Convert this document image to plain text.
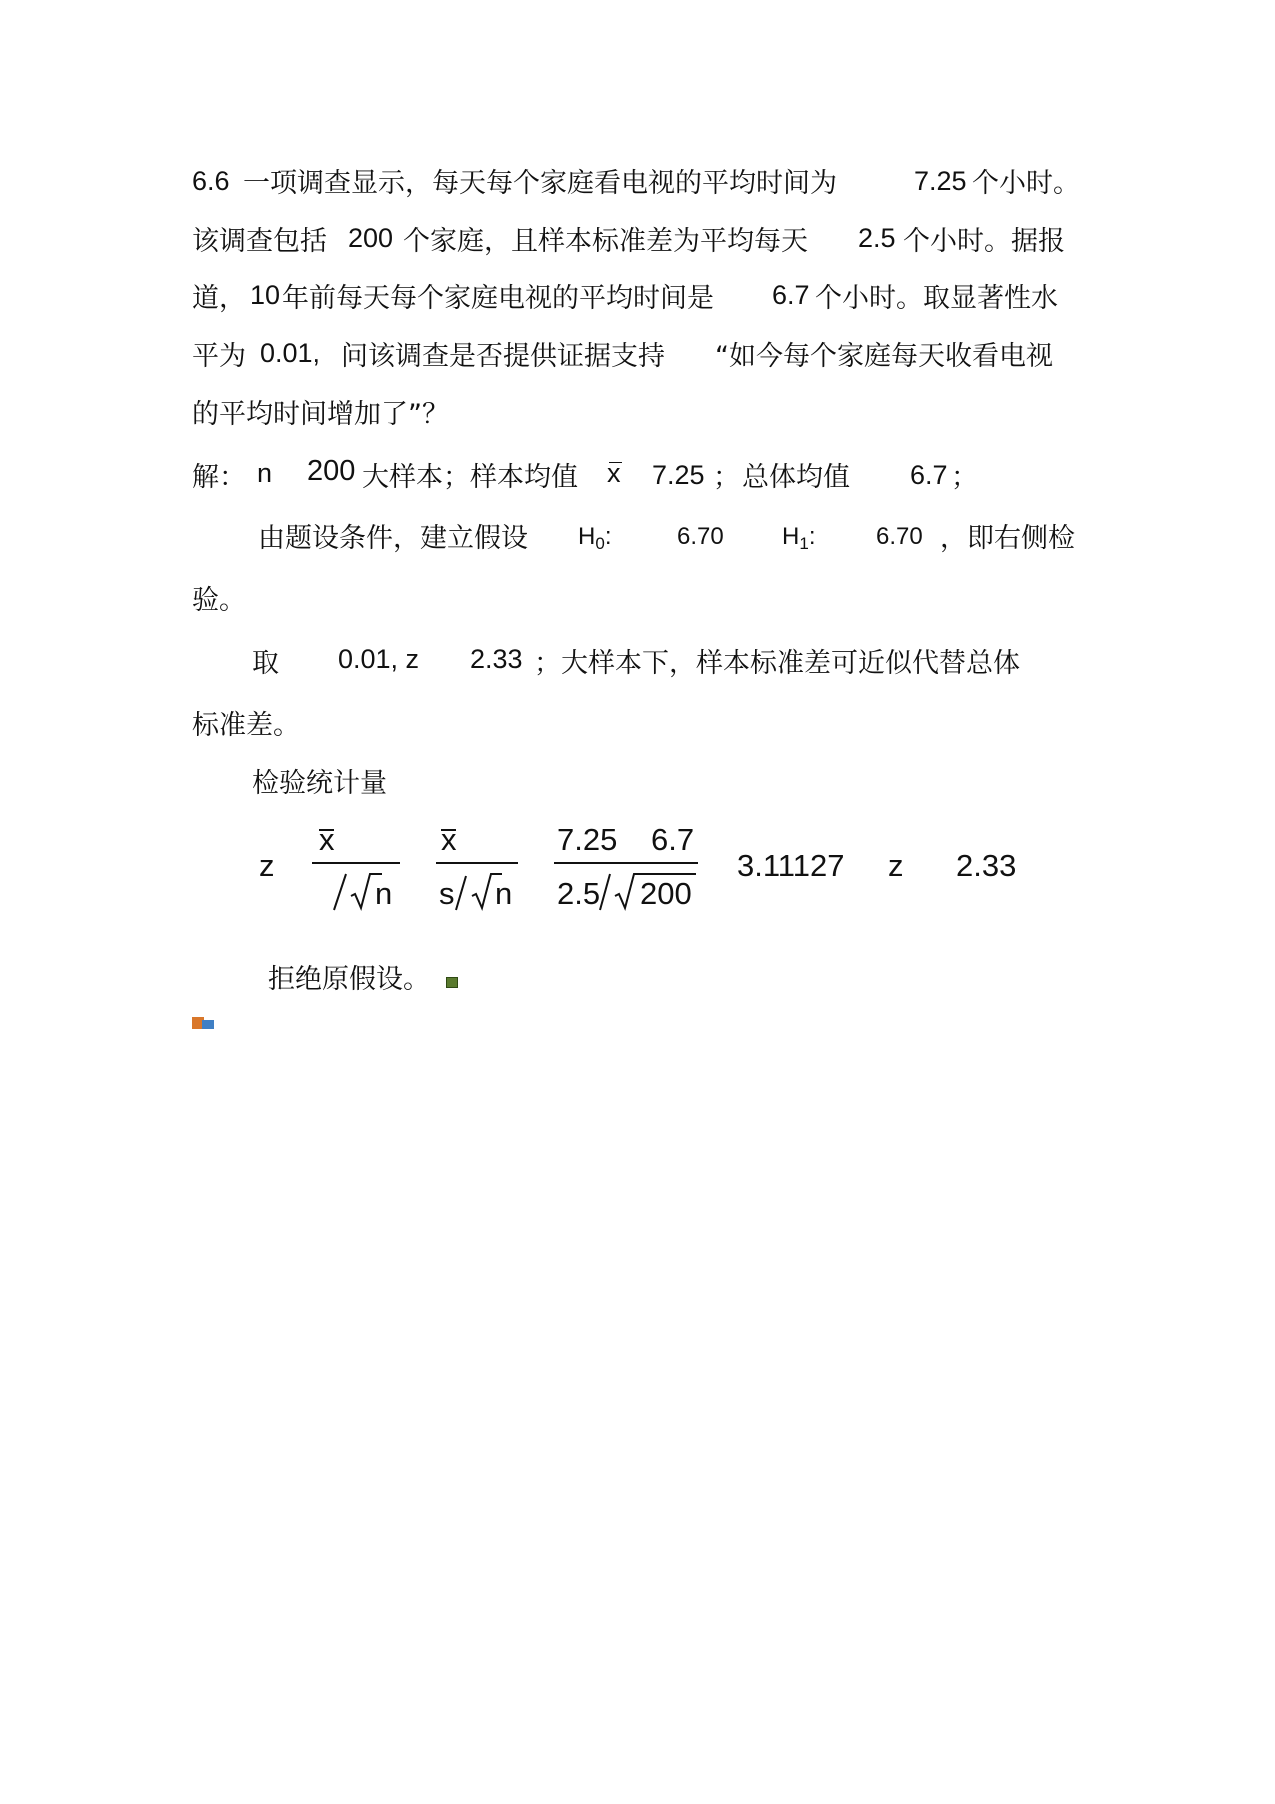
6.6 一项调查显示，每天每个家庭看电视的平均时间为	7.25 个小时。
该调查包括 200 个家庭，且样本标准差为平均每天 2.5 个小时。据报
道， 10 年前每天每个家庭电视的平均时间是 6.7 个小时。取显著性水
平为 0.01, 问该调查是否提供证据支持 “如今每个家庭每天收看电视
的平均时间增加了”？
解： n 200 大样本；样本均值 x 7.25 ； 总体均值 6.7 ；
由题设条件，建立假设 $H_0$:	6.70 $H_1$:	6.70 ，即右侧检
验。
取 0.01, z 2.33 ；大样本下，样本标准差可近似代替总体
标准差。
检验统计量
z
x
n
x
s n
7.25 6.7
2.5 200
3.11127 z 2.33
拒绝原假设。
